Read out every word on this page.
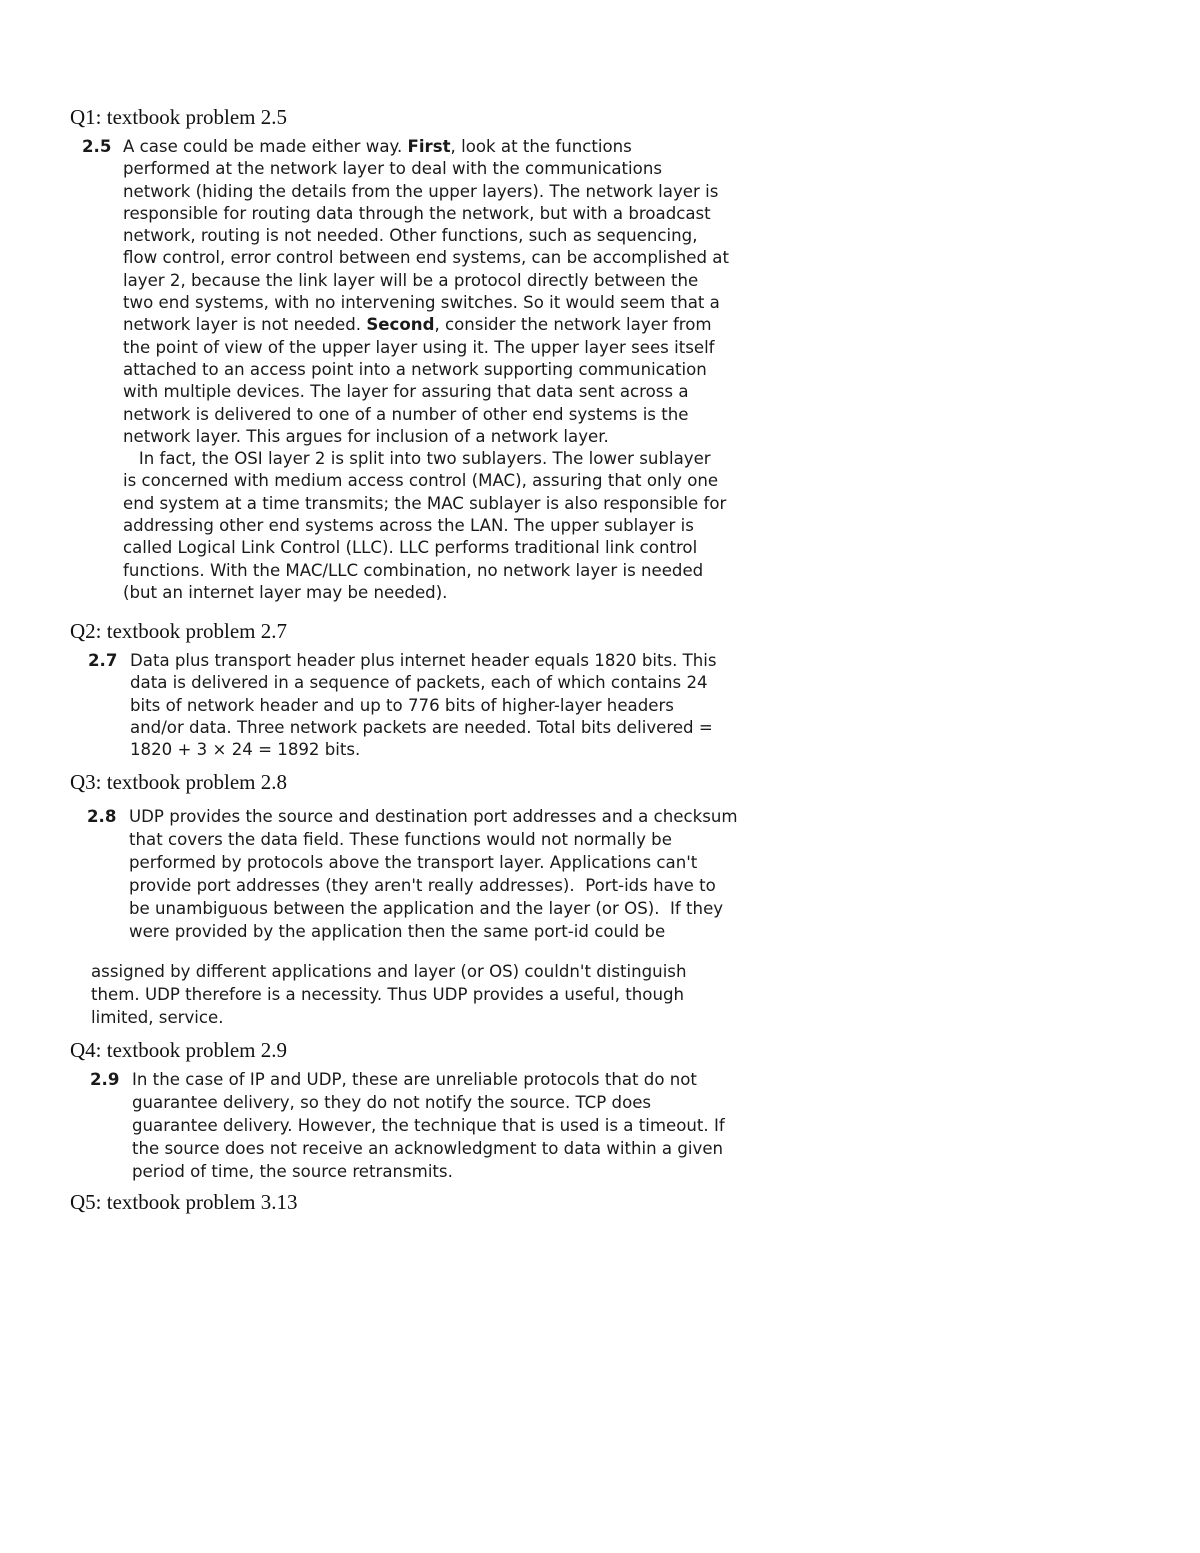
Q1: textbook problem 2.5
2.5 A case could be made either way. First, look at the functions
performed at the network layer to deal with the communications
network (hiding the details from the upper layers). The network layer is
responsible for routing data through the network, but with a broadcast
network, routing is not needed. Other functions, such as sequencing,
flow control, error control between end systems, can be accomplished at
layer 2, because the link layer will be a protocol directly between the
two end systems, with no intervening switches. So it would seem that a
network layer is not needed. Second, consider the network layer from
the point of view of the upper layer using it. The upper layer sees itself
attached to an access point into a network supporting communication
with multiple devices. The layer for assuring that data sent across a
network is delivered to one of a number of other end systems is the
network layer. This argues for inclusion of a network layer.
In fact, the OSI layer 2 is split into two sublayers. The lower sublayer
is concerned with medium access control (MAC), assuring that only one
end system at a time transmits; the MAC sublayer is also responsible for
addressing other end systems across the LAN. The upper sublayer is
called Logical Link Control (LLC). LLC performs traditional link control
functions. With the MAC/LLC combination, no network layer is needed
(but an internet layer may be needed).
Q2: textbook problem 2.7
2.7 Data plus transport header plus internet header equals 1820 bits. This
data is delivered in a sequence of packets, each of which contains 24
bits of network header and up to 776 bits of higher-layer headers
and/or data. Three network packets are needed. Total bits delivered =
1820 + 3 × 24 = 1892 bits.
Q3: textbook problem 2.8
2.8 UDP provides the source and destination port addresses and a checksum
that covers the data field. These functions would not normally be
performed by protocols above the transport layer. Applications can't
provide port addresses (they aren't really addresses).  Port-ids have to
be unambiguous between the application and the layer (or OS).  If they
were provided by the application then the same port-id could be
assigned by different applications and layer (or OS) couldn't distinguish
them. UDP therefore is a necessity. Thus UDP provides a useful, though
limited, service.
Q4: textbook problem 2.9
2.9 In the case of IP and UDP, these are unreliable protocols that do not
guarantee delivery, so they do not notify the source. TCP does
guarantee delivery. However, the technique that is used is a timeout. If
the source does not receive an acknowledgment to data within a given
period of time, the source retransmits.
Q5: textbook problem 3.13
